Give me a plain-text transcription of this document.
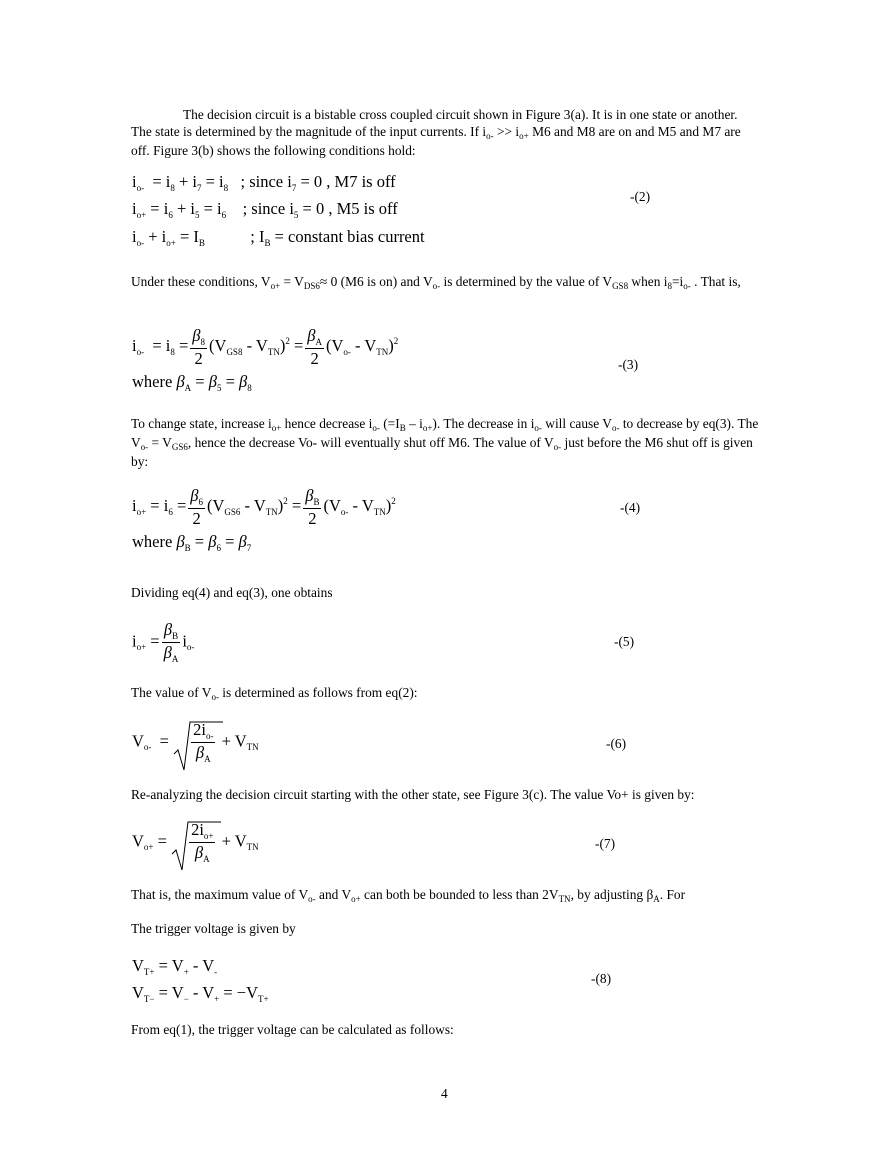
The decision circuit is a bistable cross coupled circuit shown in Figure 3(a). It is in one state or another. The state is determined by the magnitude of the input currents. If $i_{o-} >> i_{o+}$ M6 and M8 are on and M5 and M7 are off. Figure 3(b) shows the following conditions hold:

$i_{o-} = i_8 + i_7 = i_8$   ; since $i_7 = 0$ , M7 is off
$i_{o+} = i_6 + i_5 = i_6$    ; since $i_5 = 0$ , M5 is off
$i_{o-} + i_{o+} = I_B$           ; $I_B$ = constant bias current
-(2)

Under these conditions, $V_{o+} = V_{DS6}\approx 0$ (M6 is on) and $V_{o-}$ is determined by the value of $V_{GS8}$ when $i_8=i_{o-}$ . That is,

$i_{o-} = i_8 = \frac{\beta_8}{2} (V_{GS8} - V_{TN})^2 = \frac{\beta_A}{2} (V_{o-} - V_{TN})^2$
where $\beta_A = \beta_5 = \beta_8$
-(3)

To change state, increase $i_{o+}$ hence decrease $i_{o-}$ $(=I_B - i_{o+})$. The decrease in $i_{o-}$ will cause $V_{o-}$ to decrease by eq(3). The $V_{o-} = V_{GS6}$, hence the decrease Vo- will eventually shut off M6. The value of $V_{o-}$ just before the M6 shut off is given by:

$i_{o+} = i_6 = \frac{\beta_6}{2} (V_{GS6} - V_{TN})^2 = \frac{\beta_B}{2} (V_{o-} - V_{TN})^2$
where $\beta_B = \beta_6 = \beta_7$
-(4)

Dividing eq(4) and eq(3), one obtains

$i_{o+} = \frac{\beta_B}{\beta_A} i_{o-}$	-(5)

The value of $V_{o-}$ is determined as follows from eq(2):

$V_{o-} = \frac{2i_{o-}}{\beta_A} + V_{TN}$	-(6)

Re-analyzing the decision circuit starting with the other state, see Figure 3(c). The value Vo+ is given by:

$V_{o+} = \frac{2i_{o+}}{\beta_A} + V_{TN}$	-(7)

That is, the maximum value of $V_{o-}$ and $V_{o+}$ can both be bounded to less than $2V_{TN}$, by adjusting $\beta_A$. For

The trigger voltage is given by

$V_{T+} = V_+ - V_-$
$V_{T-} = V_- - V_+ = -V_{T+}$
-(8)

From eq(1), the trigger voltage can be calculated as follows:

4
